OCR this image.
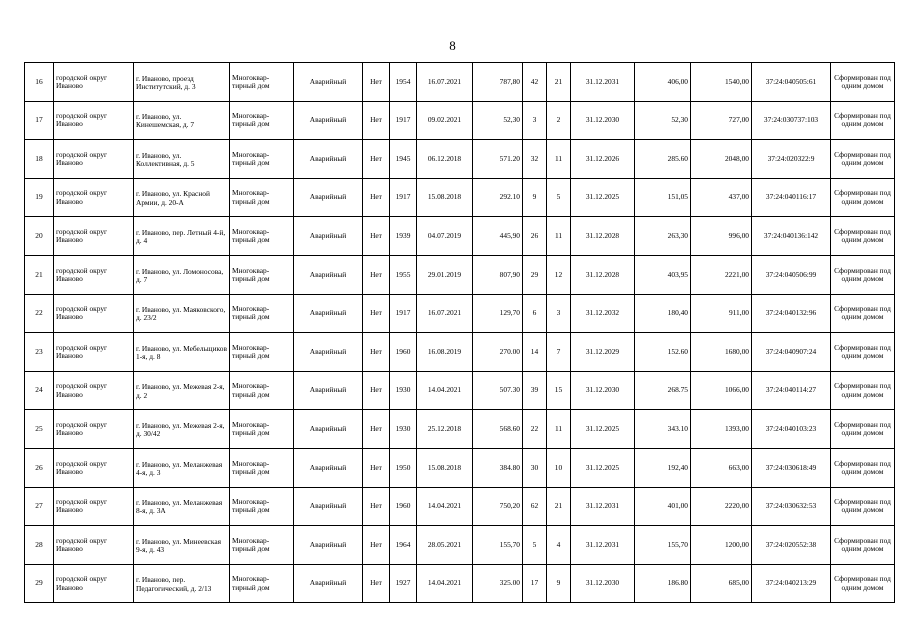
8
16	городской округ Иваново	г. Иваново, проезд Институтский, д. 3	Многоквар-тирный дом	Аварийный	Нет	1954	16.07.2021	787,80	42	21	31.12.2031	406,00	1540,00	37:24:040505:61	Сформирован под одним домом
17	городской округ Иваново	г. Иваново, ул. Кинешемская, д. 7	Многоквар-тирный дом	Аварийный	Нет	1917	09.02.2021	52,30	3	2	31.12.2030	52,30	727,00	37:24:030737:103	Сформирован под одним домом
18	городской округ Иваново	г. Иваново, ул. Коллективная, д. 5	Многоквар-тирный дом	Аварийный	Нет	1945	06.12.2018	571.20	32	11	31.12.2026	285.60	2048,00	37:24:020322:9	Сформирован под одним домом
19	городской округ Иваново	г. Иваново, ул. Красной Армии, д. 20-А	Многоквар-тирный дом	Аварийный	Нет	1917	15.08.2018	292.10	9	5	31.12.2025	151,05	437,00	37:24:040116:17	Сформирован под одним домом
20	городской округ Иваново	г. Иваново, пер. Летный 4-й, д. 4	Многоквар-тирный дом	Аварийный	Нет	1939	04.07.2019	445,90	26	11	31.12.2028	263,30	996,00	37:24:040136:142	Сформирован под одним домом
21	городской округ Иваново	г. Иваново, ул. Ломоносова, д. 7	Многоквар-тирный дом	Аварийный	Нет	1955	29.01.2019	807,90	29	12	31.12.2028	403,95	2221,00	37:24:040506:99	Сформирован под одним домом
22	городской округ Иваново	г. Иваново, ул. Маяковского, д. 23/2	Многоквар-тирный дом	Аварийный	Нет	1917	16.07.2021	129,70	6	3	31.12.2032	180,40	911,00	37:24:040132:96	Сформирован под одним домом
23	городской округ Иваново	г. Иваново, ул. Мебельщиков 1-я, д. 8	Многоквар-тирный дом	Аварийный	Нет	1960	16.08.2019	270.00	14	7	31.12.2029	152.60	1680,00	37:24:040907:24	Сформирован под одним домом
24	городской округ Иваново	г. Иваново, ул. Межевая 2-я, д. 2	Многоквар-тирный дом	Аварийный	Нет	1930	14.04.2021	507.30	39	15	31.12.2030	268.75	1066,00	37:24:040114:27	Сформирован под одним домом
25	городской округ Иваново	г. Иваново, ул. Межевая 2-я, д. 30/42	Многоквар-тирный дом	Аварийный	Нет	1930	25.12.2018	568.60	22	11	31.12.2025	343.10	1393,00	37:24:040103:23	Сформирован под одним домом
26	городской округ Иваново	г. Иваново, ул. Меланжевая 4-я, д. 3	Многоквар-тирный дом	Аварийный	Нет	1950	15.08.2018	384.80	30	10	31.12.2025	192,40	663,00	37:24:030618:49	Сформирован под одним домом
27	городской округ Иваново	г. Иваново, ул. Меланжевая 8-я, д. 3А	Многоквар-тирный дом	Аварийный	Нет	1960	14.04.2021	750,20	62	21	31.12.2031	401,00	2220,00	37:24:030632:53	Сформирован под одним домом
28	городской округ Иваново	г. Иваново, ул. Минеевская 9-я, д. 43	Многоквар-тирный дом	Аварийный	Нет	1964	28.05.2021	155,70	5	4	31.12.2031	155,70	1200,00	37:24:020552:38	Сформирован под одним домом
29	городской округ Иваново	г. Иваново, пер. Педагогический, д. 2/13	Многоквар-тирный дом	Аварийный	Нет	1927	14.04.2021	325.00	17	9	31.12.2030	186.80	685,00	37:24:040213:29	Сформирован под одним домом
